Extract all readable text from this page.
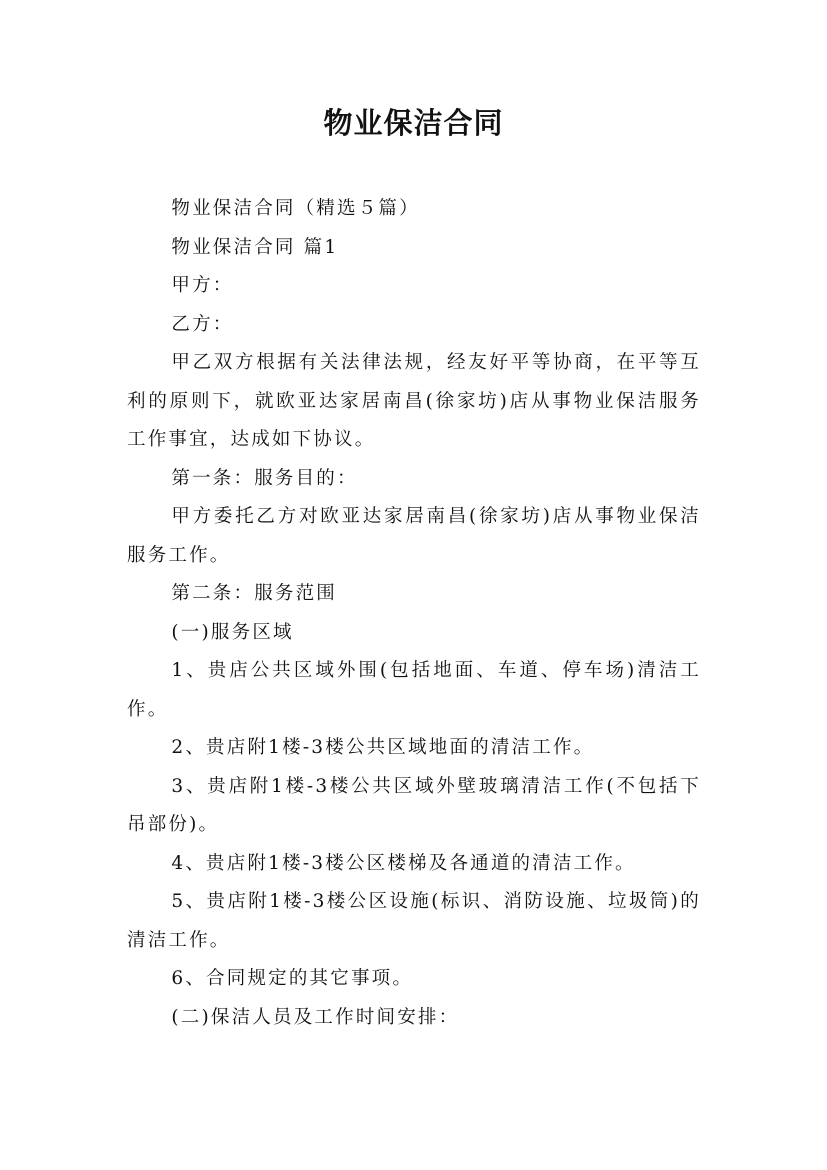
物业保洁合同

物业保洁合同（精选５篇）

物业保洁合同 篇1

甲方：

乙方：

甲乙双方根据有关法律法规，经友好平等协商，在平等互利的原则下，就欧亚达家居南昌(徐家坊)店从事物业保洁服务工作事宜，达成如下协议。

第一条：服务目的：

甲方委托乙方对欧亚达家居南昌(徐家坊)店从事物业保洁服务工作。

第二条：服务范围

(一)服务区域

1、贵店公共区域外围(包括地面、车道、停车场)清洁工作。

2、贵店附1楼-3楼公共区域地面的清洁工作。

3、贵店附1楼-3楼公共区域外壁玻璃清洁工作(不包括下吊部份)。

4、贵店附1楼-3楼公区楼梯及各通道的清洁工作。

5、贵店附1楼-3楼公区设施(标识、消防设施、垃圾筒)的清洁工作。

6、合同规定的其它事项。

(二)保洁人员及工作时间安排：
